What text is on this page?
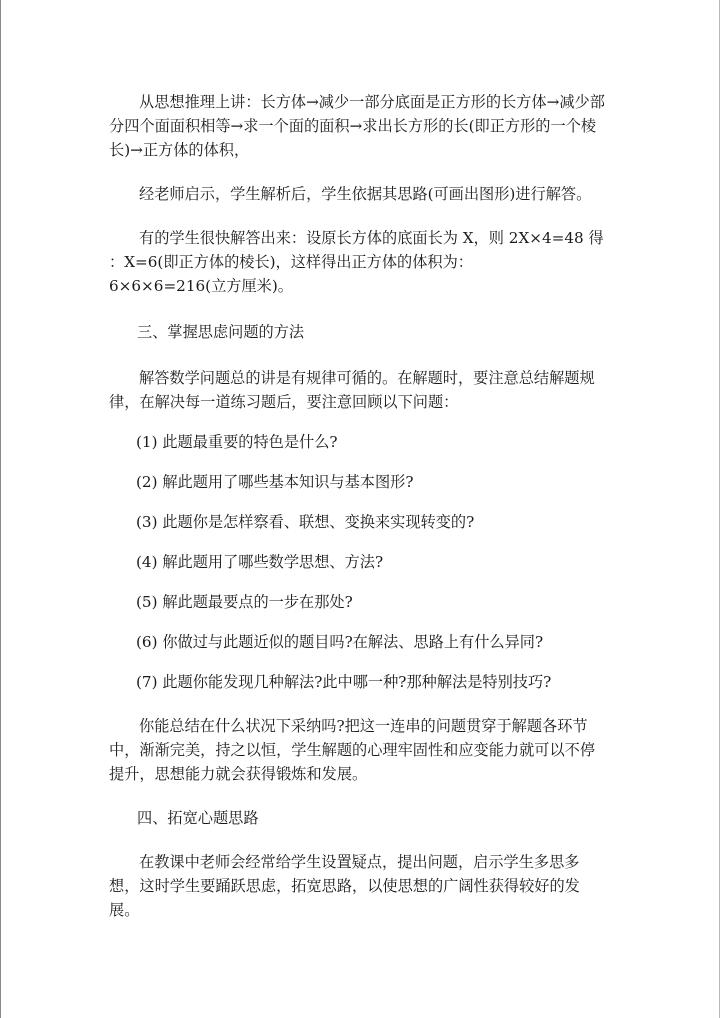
从思想推理上讲：长方体→减少一部分底面是正方形的长方体→减少部分四个面面积相等→求一个面的面积→求出长方形的长(即正方形的一个棱长)→正方体的体积，

经老师启示，学生解析后，学生依据其思路(可画出图形)进行解答。

有的学生很快解答出来：设原长方体的底面长为 X，则 2X×4=48 得

：X=6(即正方体的棱长)，这样得出正方体的体积为：

6×6×6=216(立方厘米)。

三、掌握思虑问题的方法

解答数学问题总的讲是有规律可循的。在解题时，要注意总结解题规律，在解决每一道练习题后，要注意回顾以下问题：

(1) 此题最重要的特色是什么?

(2) 解此题用了哪些基本知识与基本图形?

(3) 此题你是怎样察看、联想、变换来实现转变的?

(4) 解此题用了哪些数学思想、方法?

(5) 解此题最要点的一步在那处?

(6) 你做过与此题近似的题目吗?在解法、思路上有什么异同?

(7) 此题你能发现几种解法?此中哪一种?那种解法是特别技巧?

你能总结在什么状况下采纳吗?把这一连串的问题贯穿于解题各环节中，渐渐完美，持之以恒，学生解题的心理牢固性和应变能力就可以不停提升，思想能力就会获得锻炼和发展。

四、拓宽心题思路

在教课中老师会经常给学生设置疑点，提出问题，启示学生多思多想，这时学生要踊跃思虑，拓宽思路，以使思想的广阔性获得较好的发展。
